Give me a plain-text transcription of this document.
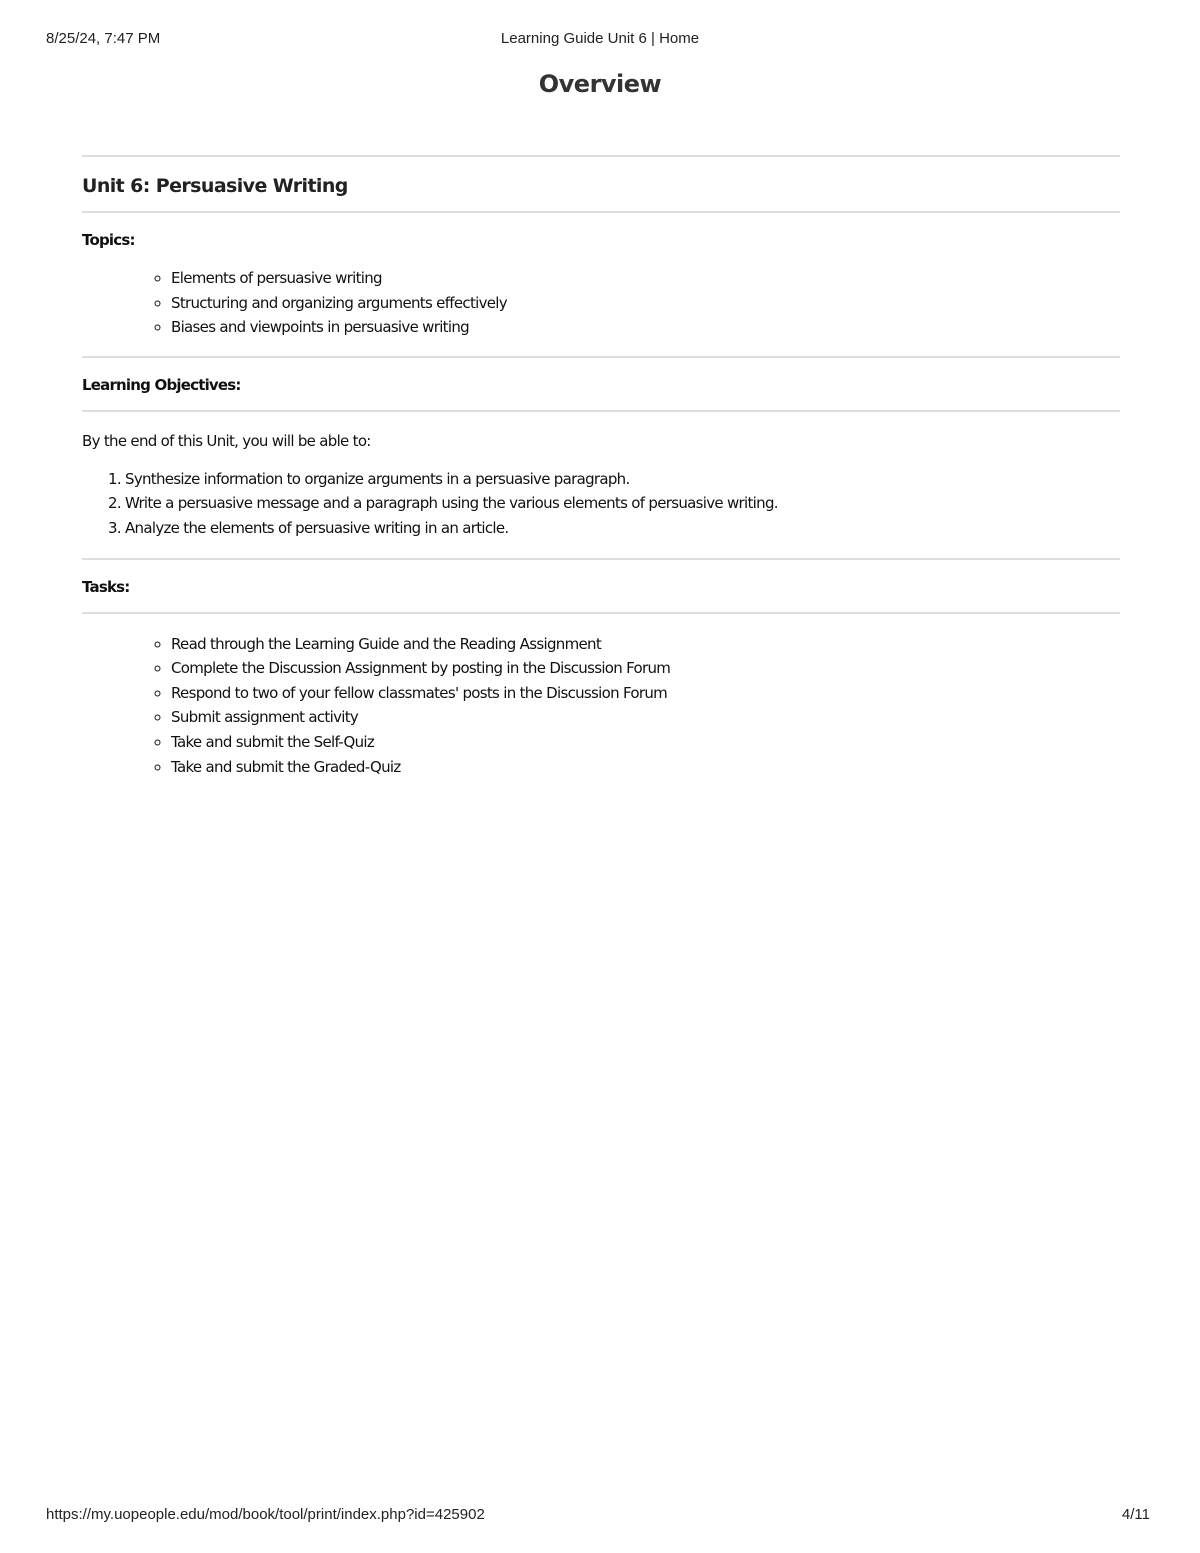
Learning Guide Unit 6 | Home
8/25/24, 7:47 PM
Overview
Unit 6: Persuasive Writing

Topics:

◦ Elements of persuasive writing
◦ Structuring and organizing arguments effectively
◦ Biases and viewpoints in persuasive writing

Learning Objectives:

By the end of this Unit, you will be able to:

1. Synthesize information to organize arguments in a persuasive paragraph.
2. Write a persuasive message and a paragraph using the various elements of persuasive writing.
3. Analyze the elements of persuasive writing in an article.

Tasks:

◦ Read through the Learning Guide and the Reading Assignment
◦ Complete the Discussion Assignment by posting in the Discussion Forum
◦ Respond to two of your fellow classmates' posts in the Discussion Forum
◦ Submit assignment activity
◦ Take and submit the Self-Quiz
◦ Take and submit the Graded-Quiz
https://my.uopeople.edu/mod/book/tool/print/index.php?id=425902	4/11
